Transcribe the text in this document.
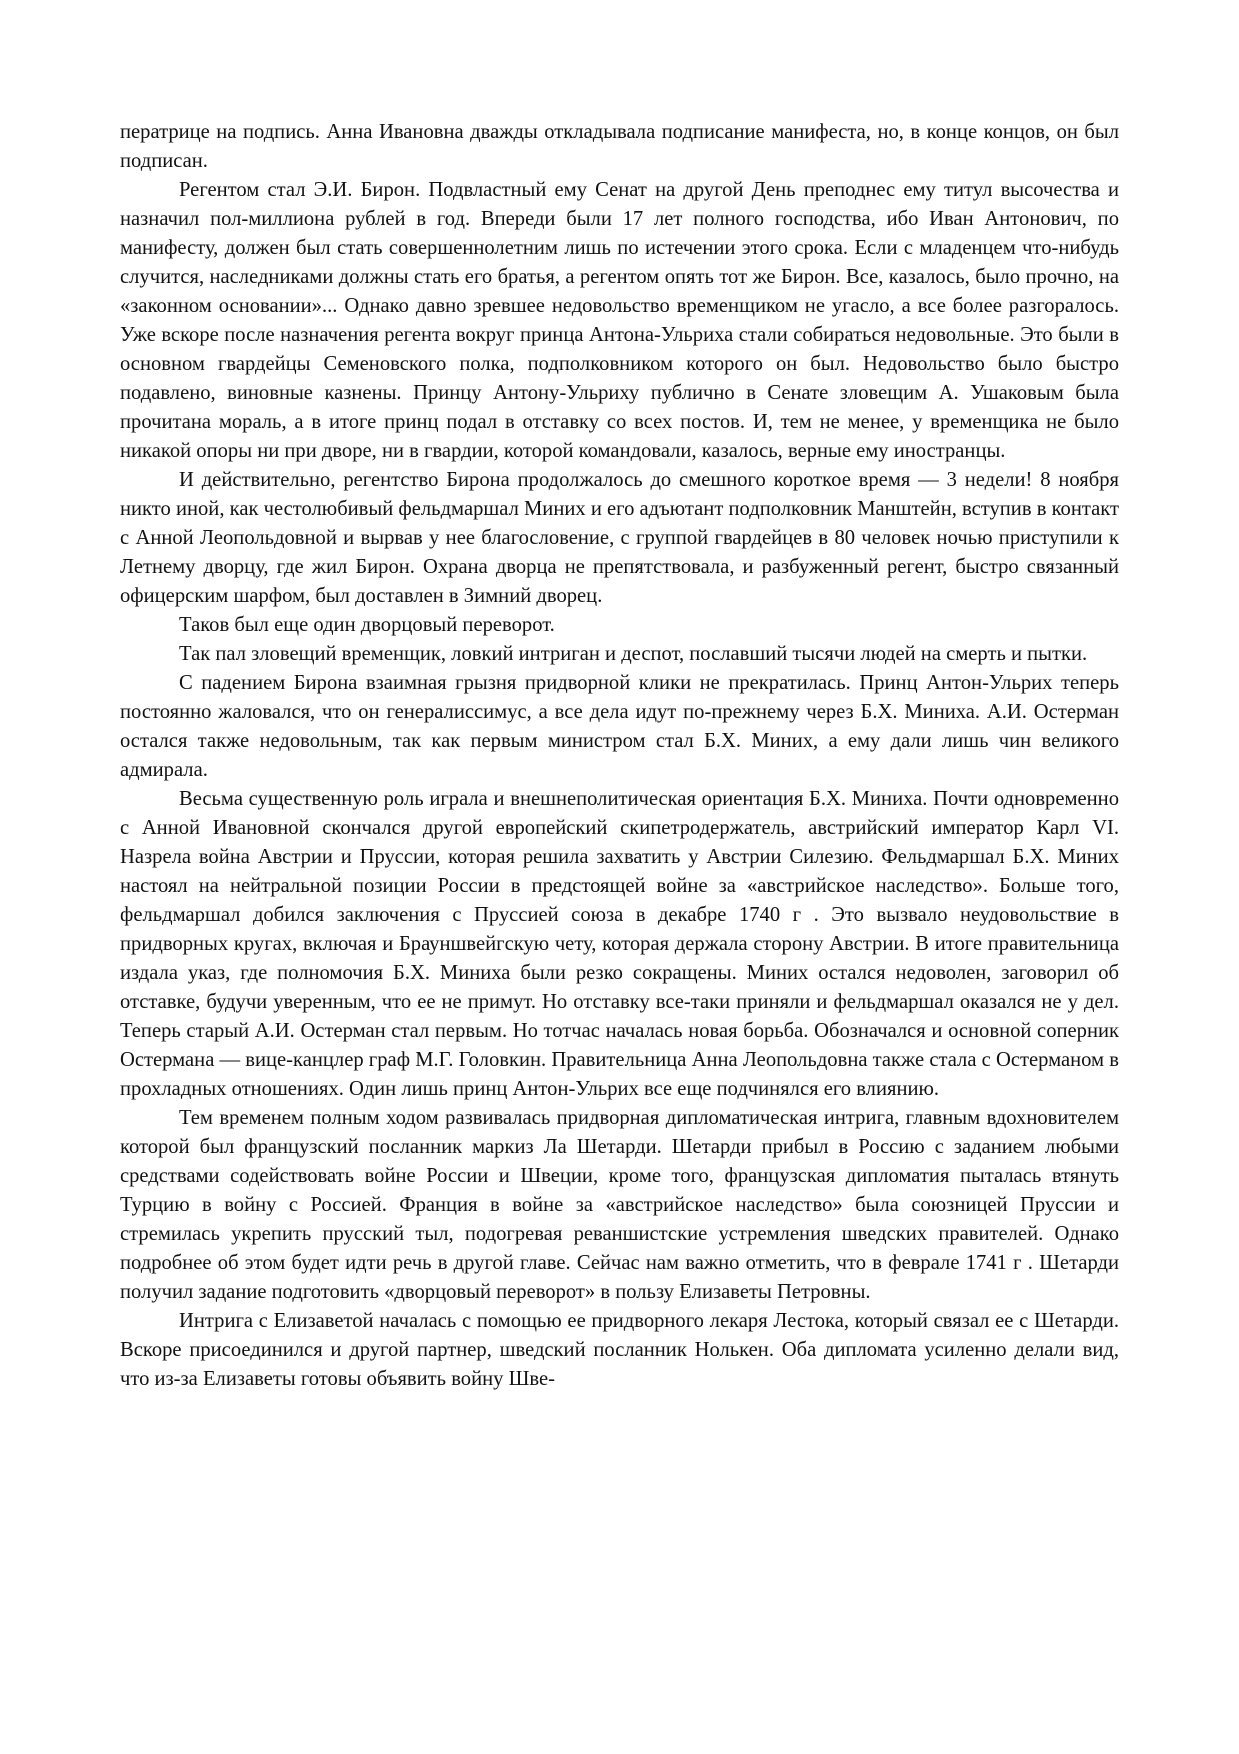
ператрице на подпись. Анна Ивановна дважды откладывала подписание манифеста, но, в конце концов, он был подписан.

Регентом стал Э.И. Бирон. Подвластный ему Сенат на другой День преподнес ему титул высочества и назначил пол-миллиона рублей в год. Впереди были 17 лет полного господства, ибо Иван Антонович, по манифесту, должен был стать совершеннолетним лишь по истечении этого срока. Если с младенцем что-нибудь случится, наследниками должны стать его братья, а регентом опять тот же Бирон. Все, казалось, было прочно, на «законном основании»... Однако давно зревшее недовольство временщиком не угасло, а все более разгоралось. Уже вскоре после назначения регента вокруг принца Антона-Ульриха стали собираться недовольные. Это были в основном гвардейцы Семеновского полка, подполковником которого он был. Недовольство было быстро подавлено, виновные казнены. Принцу Антону-Ульриху публично в Сенате зловещим А. Ушаковым была прочитана мораль, а в итоге принц подал в отставку со всех постов. И, тем не менее, у временщика не было никакой опоры ни при дворе, ни в гвардии, которой командовали, казалось, верные ему иностранцы.

И действительно, регентство Бирона продолжалось до смешного короткое время — 3 недели! 8 ноября никто иной, как честолюбивый фельдмаршал Миних и его адъютант подполковник Манштейн, вступив в контакт с Анной Леопольдовной и вырвав у нее благословение, с группой гвардейцев в 80 человек ночью приступили к Летнему дворцу, где жил Бирон. Охрана дворца не препятствовала, и разбуженный регент, быстро связанный офицерским шарфом, был доставлен в Зимний дворец.

Таков был еще один дворцовый переворот.

Так пал зловещий временщик, ловкий интриган и деспот, пославший тысячи людей на смерть и пытки.

С падением Бирона взаимная грызня придворной клики не прекратилась. Принц Антон-Ульрих теперь постоянно жаловался, что он генералиссимус, а все дела идут по-прежнему через Б.Х. Миниха. А.И. Остерман остался также недовольным, так как первым министром стал Б.Х. Миних, а ему дали лишь чин великого адмирала.

Весьма существенную роль играла и внешнеполитическая ориентация Б.Х. Миниха. Почти одновременно с Анной Ивановной скончался другой европейский скипетродержатель, австрийский император Карл VI. Назрела война Австрии и Пруссии, которая решила захватить у Австрии Силезию. Фельдмаршал Б.Х. Миних настоял на нейтральной позиции России в предстоящей войне за «австрийское наследство». Больше того, фельдмаршал добился заключения с Пруссией союза в декабре 1740 г . Это вызвало неудовольствие в придворных кругах, включая и Брауншвейгскую чету, которая держала сторону Австрии. В итоге правительница издала указ, где полномочия Б.Х. Миниха были резко сокращены. Миних остался недоволен, заговорил об отставке, будучи уверенным, что ее не примут. Но отставку все-таки приняли и фельдмаршал оказался не у дел. Теперь старый А.И. Остерман стал первым. Но тотчас началась новая борьба. Обозначался и основной соперник Остермана — вице-канцлер граф М.Г. Головкин. Правительница Анна Леопольдовна также стала с Остерманом в прохладных отношениях. Один лишь принц Антон-Ульрих все еще подчинялся его влиянию.

Тем временем полным ходом развивалась придворная дипломатическая интрига, главным вдохновителем которой был французский посланник маркиз Ла Шетарди. Шетарди прибыл в Россию с заданием любыми средствами содействовать войне России и Швеции, кроме того, французская дипломатия пыталась втянуть Турцию в войну с Россией. Франция в войне за «австрийское наследство» была союзницей Пруссии и стремилась укрепить прусский тыл, подогревая реваншистские устремления шведских правителей. Однако подробнее об этом будет идти речь в другой главе. Сейчас нам важно отметить, что в феврале 1741 г . Шетарди получил задание подготовить «дворцовый переворот» в пользу Елизаветы Петровны.

Интрига с Елизаветой началась с помощью ее придворного лекаря Лестока, который связал ее с Шетарди. Вскоре присоединился и другой партнер, шведский посланник Нолькен. Оба дипломата усиленно делали вид, что из-за Елизаветы готовы объявить войну Шве-
